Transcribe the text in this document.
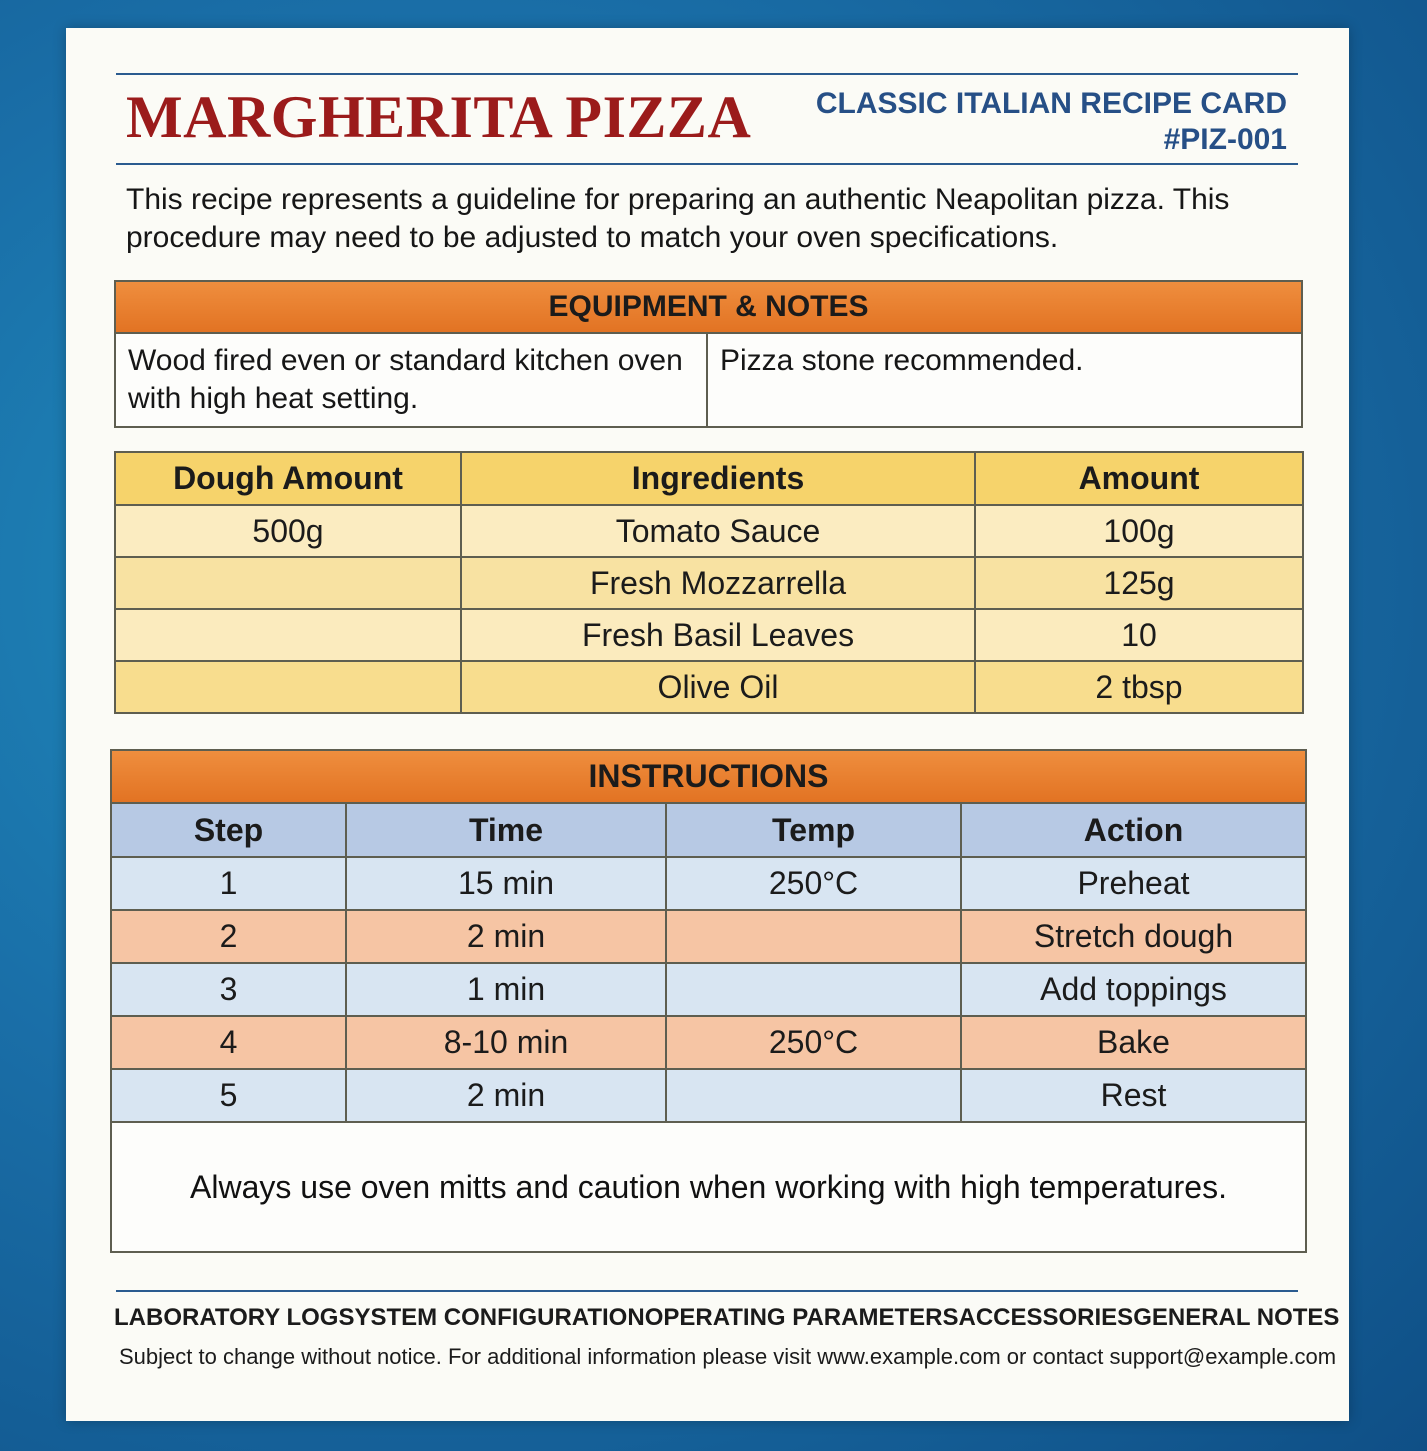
MARGHERITA PIZZA CLASSIC ITALIAN RECIPE CARD
#PIZ-001
This recipe represents a guideline for preparing an authentic Neapolitan pizza. This procedure may need to be adjusted to match your oven specifications.
EQUIPMENT & NOTES
Wood fired even or standard kitchen oven with high heat setting.	Pizza stone recommended.
Dough Amount	Ingredients	Amount
500g	Tomato Sauce	100g
	Fresh Mozzarrella	125g
	Fresh Basil Leaves	10
	Olive Oil	2 tbsp
INSTRUCTIONS			
Step	Time	Temp	Action
1	15 min	250°C	Preheat
2	2 min		Stretch dough
3	1 min		Add toppings
4	8-10 min	250°C	Bake
5	2 min		Rest
Always use oven mitts and caution when working with high temperatures.			
LABORATORY LOG SYSTEM CONFIGURATION OPERATING PARAMETERS ACCESSORIES GENERAL NOTES
Subject to change without notice. For additional information please visit www.example.com or contact support@example.com
